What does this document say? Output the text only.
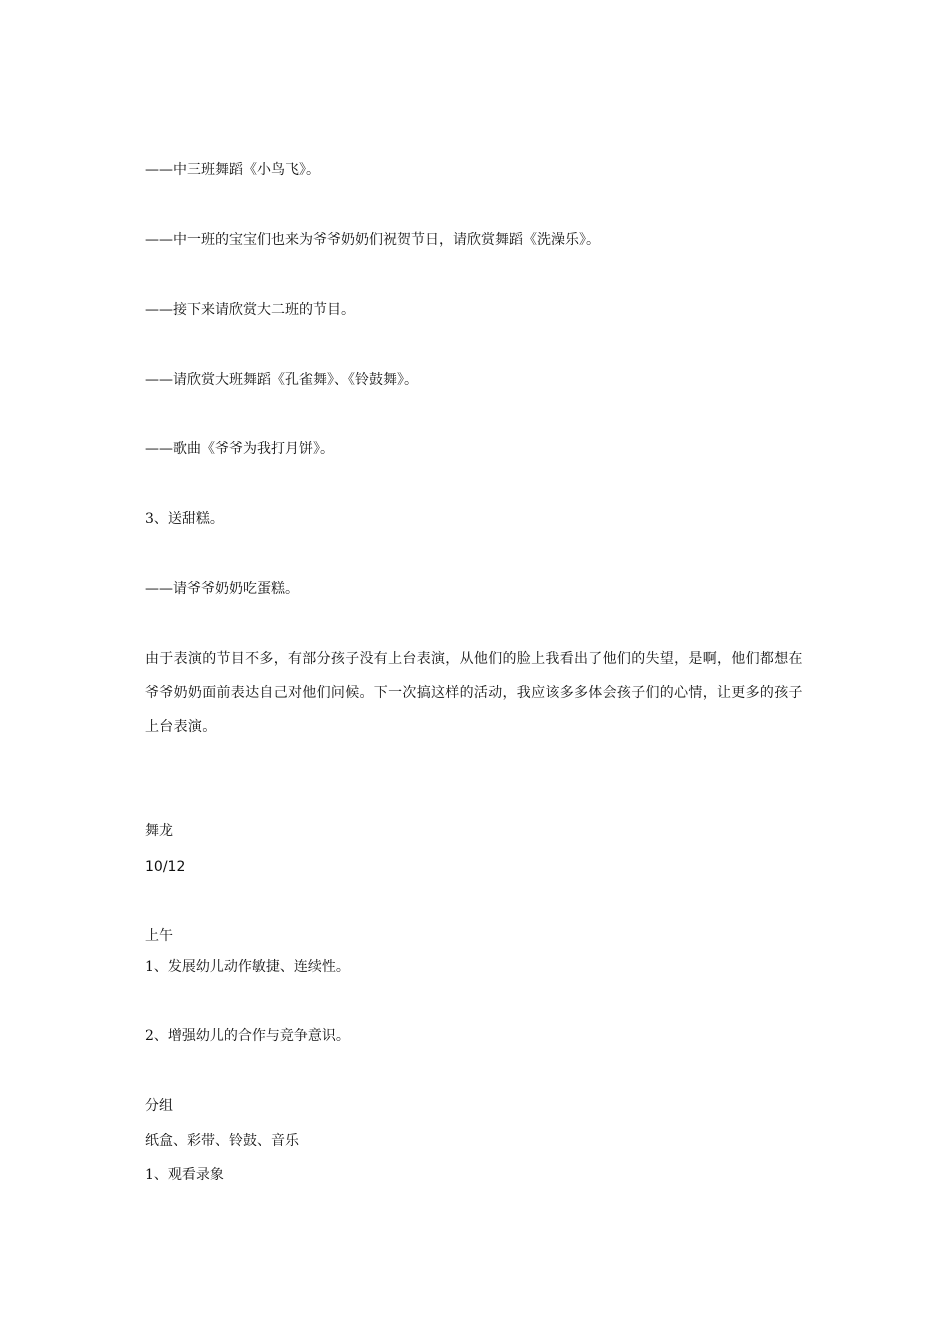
——中三班舞蹈《小鸟飞》。
——中一班的宝宝们也来为爷爷奶奶们祝贺节日，请欣赏舞蹈《洗澡乐》。
——接下来请欣赏大二班的节目。
——请欣赏大班舞蹈《孔雀舞》、《铃鼓舞》。
——歌曲《爷爷为我打月饼》。
3、送甜糕。
——请爷爷奶奶吃蛋糕。
由于表演的节目不多，有部分孩子没有上台表演，从他们的脸上我看出了他们的失望，是啊，他们都想在爷爷奶奶面前表达自己对他们问候。下一次搞这样的活动，我应该多多体会孩子们的心情，让更多的孩子上台表演。
舞龙
10/12
上午
1、发展幼儿动作敏捷、连续性。
2、增强幼儿的合作与竞争意识。
分组
纸盒、彩带、铃鼓、音乐
1、观看录象
